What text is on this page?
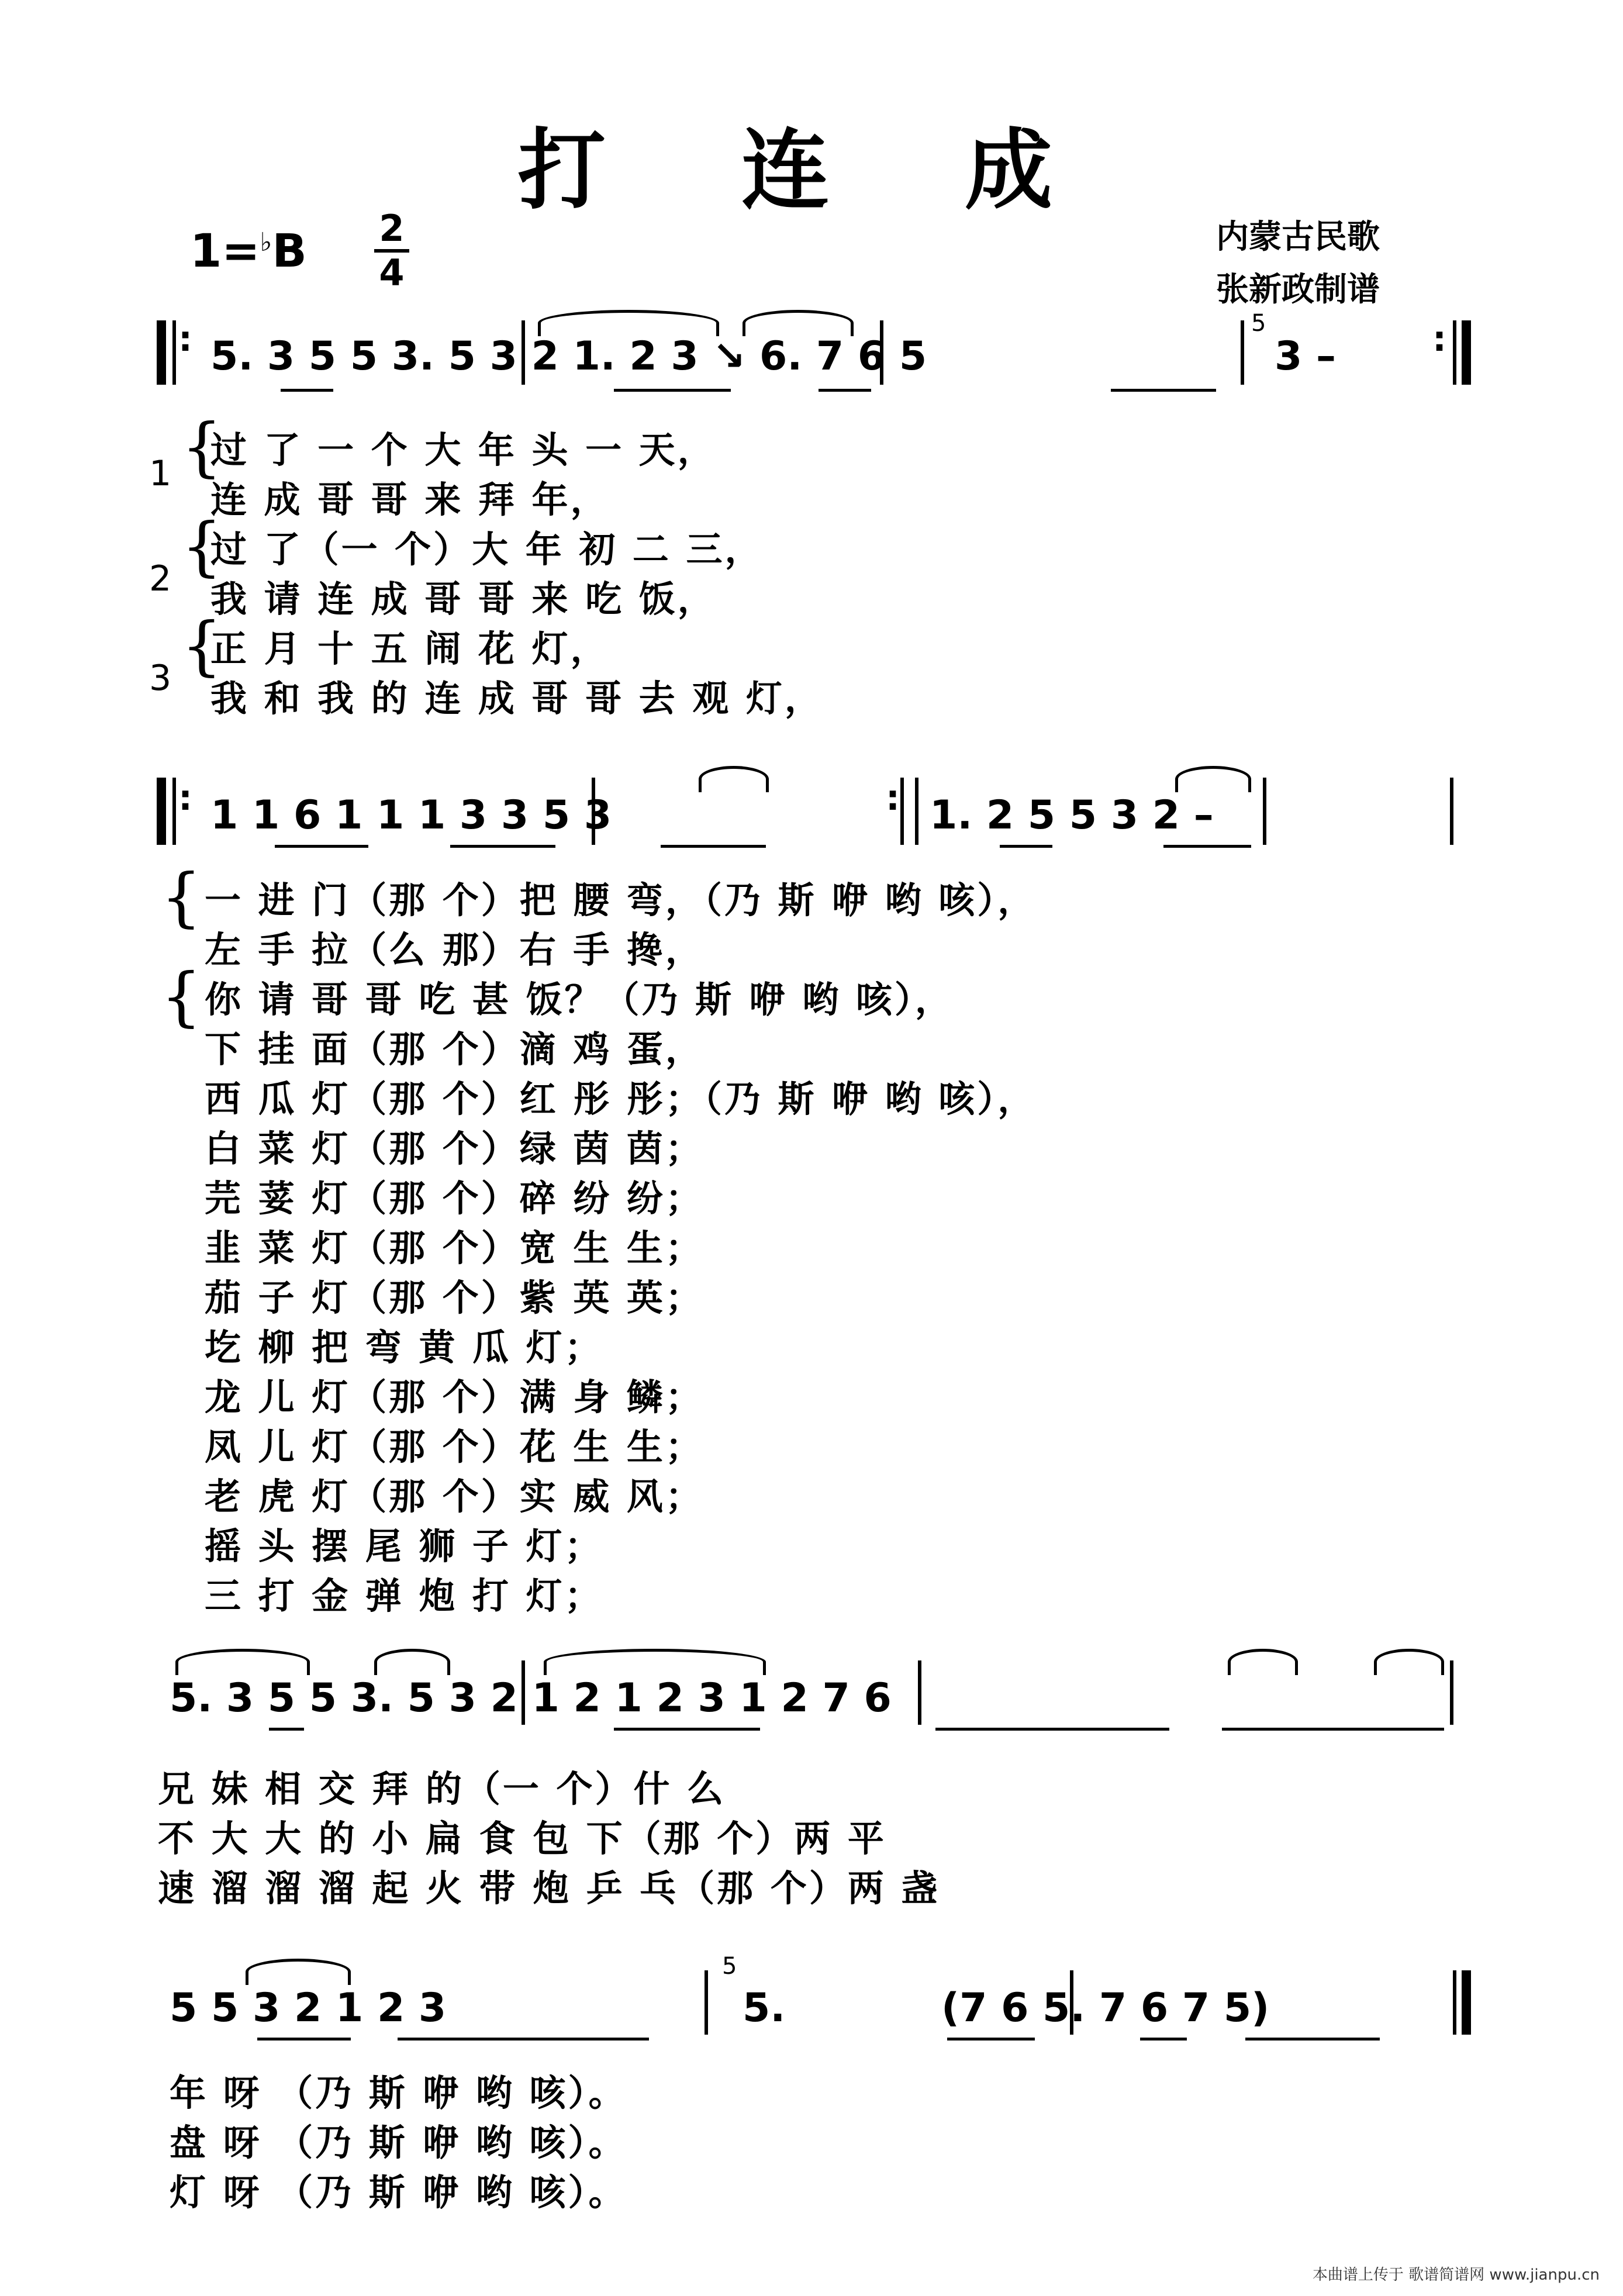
打 连 成
1=♭B 2
4
内蒙古民歌
张新政制谱
:	:
5. 3 5 5 3. 5 3 2 1. 2 3 ↘ 6. 7 6 5
5
3 –
1
2
3
{
{
{
过 了 一 个 大 年 头 一 天，
连 成 哥 哥 来 拜 年，
过 了（一 个）大 年 初 二 三，
我 请 连 成 哥 哥 来 吃 饭，
正 月 十 五 闹 花 灯，
我 和 我 的 连 成 哥 哥 去 观 灯，
:	:
1 1 6 1 1 1 3 3 5 3	1. 2 5 5 3 2 –
{
{
一 进 门（那 个）把 腰 弯，（乃 斯 咿 哟 咳），
左 手 拉（么 那）右 手 搀，
你 请 哥 哥 吃 甚 饭？（乃 斯 咿 哟 咳），
下 挂 面（那 个）滴 鸡 蛋，
西 瓜 灯（那 个）红 彤 彤；（乃 斯 咿 哟 咳），
白 菜 灯（那 个）绿 茵 茵；
芫 荽 灯（那 个）碎 纷 纷；
韭 菜 灯（那 个）宽 生 生；
茄 子 灯（那 个）紫 英 英；
圪 柳 把 弯 黄 瓜 灯；
龙 儿 灯（那 个）满 身 鳞；
凤 儿 灯（那 个）花 生 生；
老 虎 灯（那 个）实 威 风；
摇 头 摆 尾 狮 子 灯；
三 打 金 弹 炮 打 灯；
5. 3 5 5 3. 5 3 2 1 2 1 2 3 1 2 7 6
兄 妹 相 交 拜 的（一 个）什 么
不 大 大 的 小 扁 食 包 下（那 个）两 平
速 溜 溜 溜 起 火 带 炮 乒 乓（那 个）两 盏
5 5 3 2 1 2 3
5
5.	(7 6 5. 7 6 7 5)
年 呀 （乃 斯 咿 哟 咳）。
盘 呀 （乃 斯 咿 哟 咳）。
灯 呀 （乃 斯 咿 哟 咳）。
本曲谱上传于 歌谱简谱网 www.jianpu.cn
